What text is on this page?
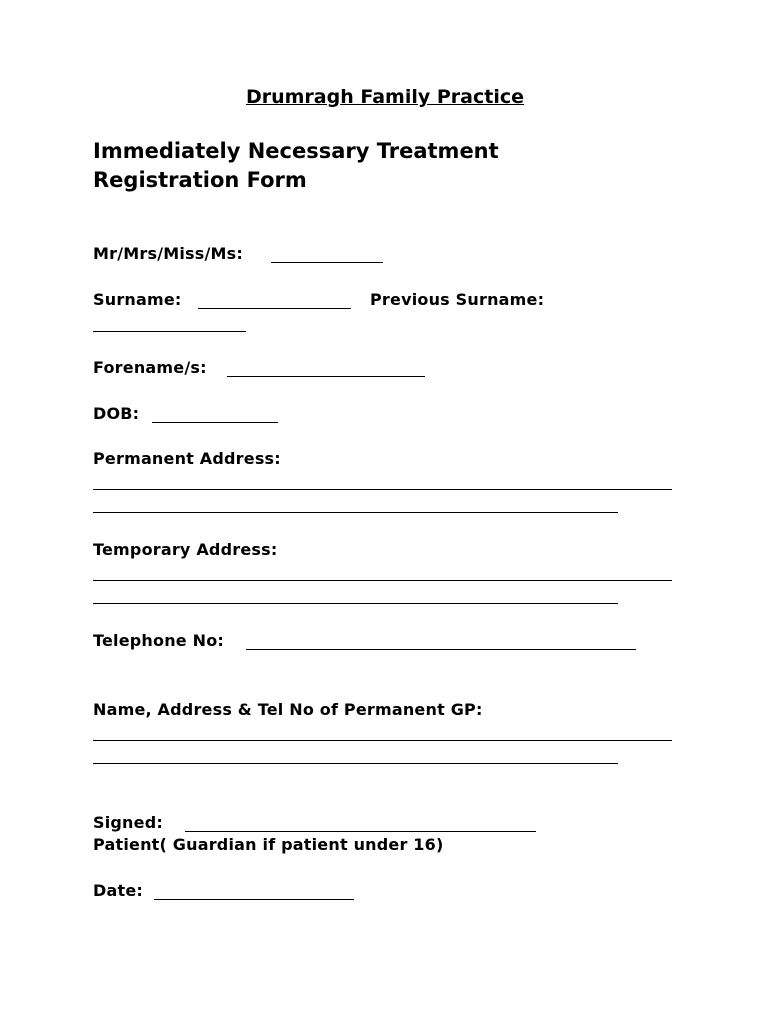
Drumragh Family Practice
Immediately Necessary Treatment
Registration Form
Mr/Mrs/Miss/Ms:
Surname:	Previous Surname:
Forename/s:
DOB:
Permanent Address:
Temporary Address:
Telephone No:
Name, Address & Tel No of Permanent GP:
Signed:
Patient( Guardian if patient under 16)
Date:
